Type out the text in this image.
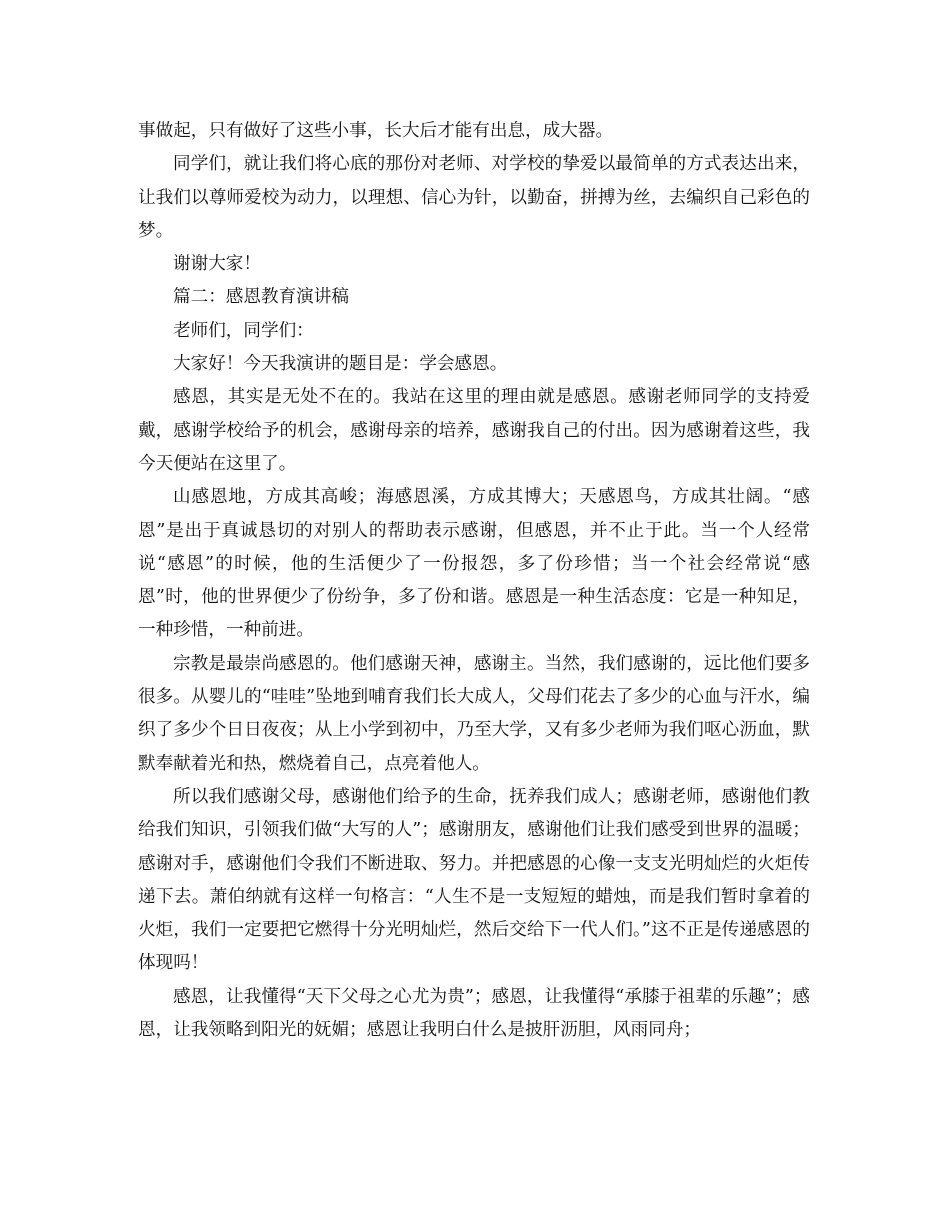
事做起，只有做好了这些小事，长大后才能有出息，成大器。

同学们，就让我们将心底的那份对老师、对学校的挚爱以最简单的方式表达出来，让我们以尊师爱校为动力，以理想、信心为针，以勤奋，拼搏为丝，去编织自己彩色的梦。

谢谢大家！

篇二：感恩教育演讲稿

老师们，同学们：

大家好！今天我演讲的题目是：学会感恩。

感恩，其实是无处不在的。我站在这里的理由就是感恩。感谢老师同学的支持爱戴，感谢学校给予的机会，感谢母亲的培养，感谢我自己的付出。因为感谢着这些，我今天便站在这里了。

山感恩地，方成其高峻；海感恩溪，方成其博大；天感恩鸟，方成其壮阔。“感恩”是出于真诚恳切的对别人的帮助表示感谢，但感恩，并不止于此。当一个人经常说“感恩”的时候，他的生活便少了一份报怨，多了份珍惜；当一个社会经常说“感恩”时，他的世界便少了份纷争，多了份和谐。感恩是一种生活态度：它是一种知足，一种珍惜，一种前进。

宗教是最崇尚感恩的。他们感谢天神，感谢主。当然，我们感谢的，远比他们要多很多。从婴儿的“哇哇”坠地到哺育我们长大成人，父母们花去了多少的心血与汗水，编织了多少个日日夜夜；从上小学到初中，乃至大学，又有多少老师为我们呕心沥血，默默奉献着光和热，燃烧着自己，点亮着他人。

所以我们感谢父母，感谢他们给予的生命，抚养我们成人；感谢老师，感谢他们教给我们知识，引领我们做“大写的人”；感谢朋友，感谢他们让我们感受到世界的温暖；感谢对手，感谢他们令我们不断进取、努力。并把感恩的心像一支支光明灿烂的火炬传递下去。萧伯纳就有这样一句格言：“人生不是一支短短的蜡烛，而是我们暂时拿着的火炬，我们一定要把它燃得十分光明灿烂，然后交给下一代人们。”这不正是传递感恩的体现吗！

感恩，让我懂得“天下父母之心尤为贵”；感恩，让我懂得“承膝于祖辈的乐趣”；感恩，让我领略到阳光的妩媚；感恩让我明白什么是披肝沥胆，风雨同舟；
